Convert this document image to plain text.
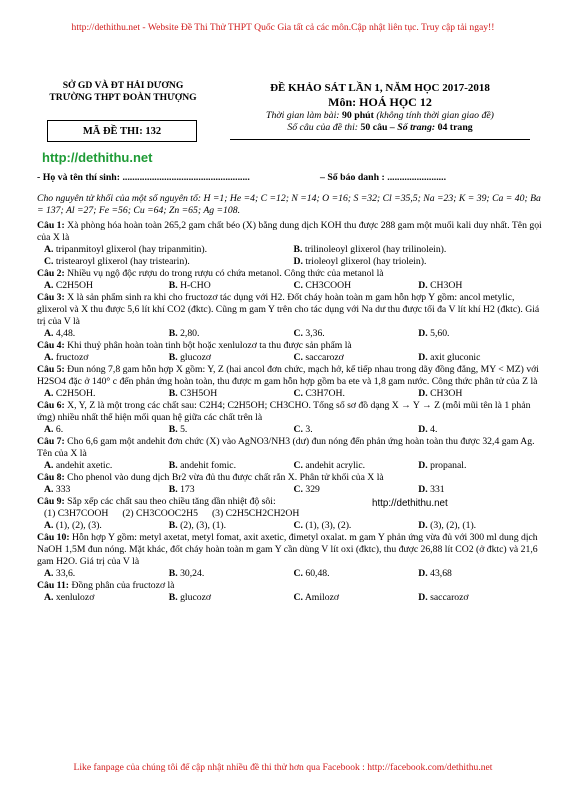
http://dethithu.net - Website Đề Thi Thử THPT Quốc Gia tất cả các môn.Cập nhật liên tục. Truy cập tải ngay!!
SỞ GD VÀ ĐT HẢI DƯƠNG
TRƯỜNG THPT ĐOÀN THƯỢNG
MÃ ĐỀ THI: 132
http://dethithu.net
ĐỀ KHẢO SÁT LẦN 1, NĂM HỌC 2017-2018
Môn: HOÁ HỌC 12
Thời gian làm bài: 90 phút (không tính thời gian giao đề)
Số câu của đề thi: 50 câu – Số trang: 04 trang
- Họ và tên thí sinh: ....................................................	– Số báo danh : ........................
Cho nguyên tử khối của một số nguyên tố: H =1; He =4; C =12; N =14; O =16; S =32; Cl =35,5; Na =23; K = 39; Ca = 40; Ba = 137; Al =27; Fe =56; Cu =64; Zn =65; Ag =108.
Câu 1: Xà phòng hóa hoàn toàn 265,2 gam chất béo (X) bằng dung dịch KOH thu được 288 gam một muối kali duy nhất. Tên gọi của X là
A. tripanmitoyl glixerol (hay tripanmitin).	B. trilinoleoyl glixerol (hay trilinolein).
C. tristearoyl glixerol (hay tristearin).	D. trioleoyl glixerol (hay triolein).
Câu 2: Nhiều vụ ngộ độc rượu do trong rượu có chứa metanol. Công thức của metanol là
A. C2H5OH	B. H-CHO	C. CH3COOH	D. CH3OH
Câu 3: X là sản phẩm sinh ra khi cho fructozơ tác dụng với H2. Đốt cháy hoàn toàn m gam hỗn hợp Y gồm: ancol metylic, glixerol và X thu được 5,6 lít khí CO2 (đktc). Cũng m gam Y trên cho tác dụng với Na dư thu được tối đa V lít khí H2 (đktc). Giá trị của V là
A. 4,48.	B. 2,80.	C. 3,36.	D. 5,60.
Câu 4: Khi thuỷ phân hoàn toàn tinh bột hoặc xenlulozơ ta thu được sản phẩm là
A. fructozơ	B. glucozơ	C. saccarozơ	D. axit gluconic
Câu 5: Đun nóng 7,8 gam hỗn hợp X gồm: Y, Z (hai ancol đơn chức, mạch hở, kế tiếp nhau trong dãy đồng đẳng, MY < MZ) với H2SO4 đặc ở 140° c đến phản ứng hoàn toàn, thu được m gam hỗn hợp gồm ba ete và 1,8 gam nước. Công thức phân tử của Z là
A. C2H5OH.	B. C3H5OH	C. C3H7OH.	D. CH3OH
Câu 6: X, Y, Z là một trong các chất sau: C2H4; C2H5OH; CH3CHO. Tổng số sơ đồ dạng X → Y → Z (mỗi mũi tên là 1 phản ứng) nhiều nhất thể hiện mối quan hệ giữa các chất trên là
A. 6.	B. 5.	C. 3.	D. 4.
Câu 7: Cho 6,6 gam một andehit đơn chức (X) vào AgNO3/NH3 (dư) đun nóng đến phản ứng hoàn toàn thu được 32,4 gam Ag. Tên của X là
A. andehit axetic.	B. andehit fomic.	C. andehit acrylic.	D. propanal.
Câu 8: Cho phenol vào dung dịch Br2 vừa đủ thu được chất rắn X. Phân tử khối của X là
A. 333	B. 173	C. 329	D. 331
Câu 9: Sắp xếp các chất sau theo chiều tăng dần nhiệt độ sôi:	http://dethithu.net
(1) C3H7COOH (2) CH3COOC2H5 (3) C2H5CH2CH2OH
A. (1), (2), (3).	B. (2), (3), (1).	C. (1), (3), (2).	D. (3), (2), (1).
Câu 10: Hỗn hợp Y gồm: metyl axetat, metyl fomat, axit axetic, đimetyl oxalat. m gam Y phản ứng vừa đủ với 300 ml dung dịch NaOH 1,5M đun nóng. Mặt khác, đốt cháy hoàn toàn m gam Y cần dùng V lít oxi (đktc), thu được 26,88 lít CO2 (ở đktc) và 21,6 gam H2O. Giá trị của V là
A. 33,6.	B. 30,24.	C. 60,48.	D. 43,68
Câu 11: Đồng phân của fructozơ là
A. xenlulozơ	B. glucozơ	C. Amilozơ	D. saccarozơ
Like fanpage của chúng tôi để cập nhật nhiều đề thi thử hơn qua Facebook : http://facebook.com/dethithu.net
